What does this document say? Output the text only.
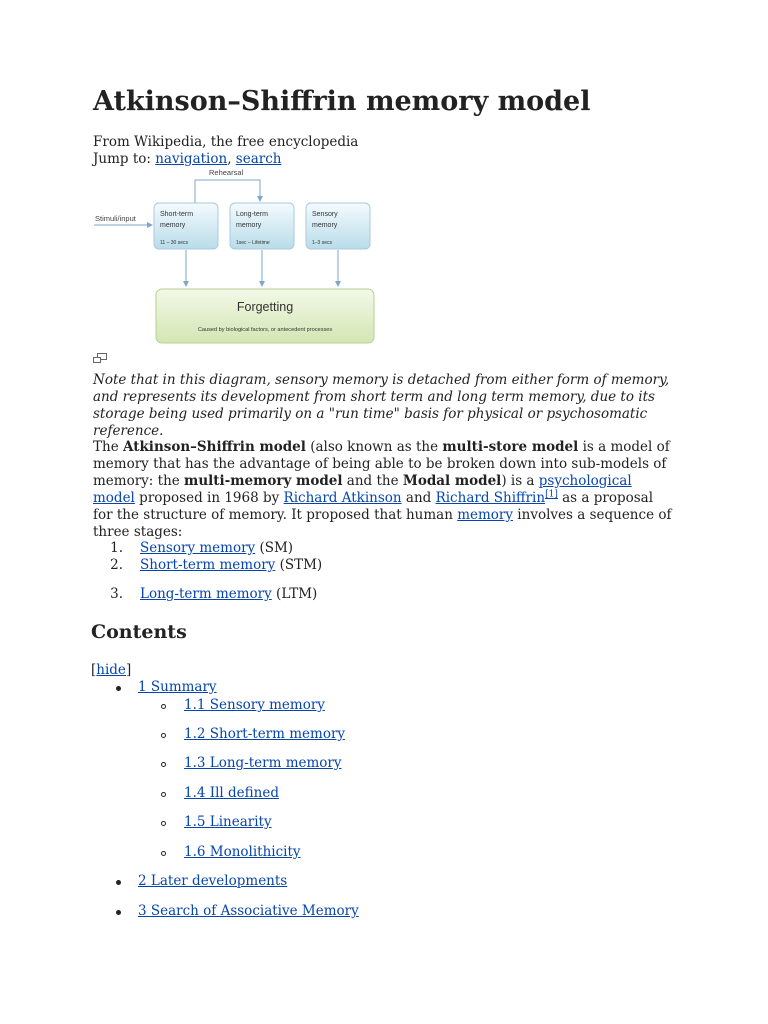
Atkinson–Shiffrin memory model
From Wikipedia, the free encyclopedia
Jump to: navigation, search
Rehearsal
Stimuli/input	Short-term
memory
11 – 30 secs
Long-term
memory
1sec – Lifetime
Sensory
memory
1–3 secs
Forgetting
Caused by biological factors, or antecedent processes
Note that in this diagram, sensory memory is detached from either form of memory, and represents its development from short term and long term memory, due to its storage being used primarily on a "run time" basis for physical or psychosomatic reference.
The Atkinson–Shiffrin model (also known as the multi-store model is a model of memory that has the advantage of being able to be broken down into sub-models of memory: the multi-memory model and the Modal model) is a psychological model proposed in 1968 by Richard Atkinson and Richard Shiffrin[1] as a proposal for the structure of memory. It proposed that human memory involves a sequence of three stages:
1. Sensory memory (SM)
2. Short-term memory (STM)
3. Long-term memory (LTM)
Contents
[hide]
1 Summary
1.1 Sensory memory
1.2 Short-term memory
1.3 Long-term memory
1.4 Ill defined
1.5 Linearity
1.6 Monolithicity
2 Later developments
3 Search of Associative Memory
